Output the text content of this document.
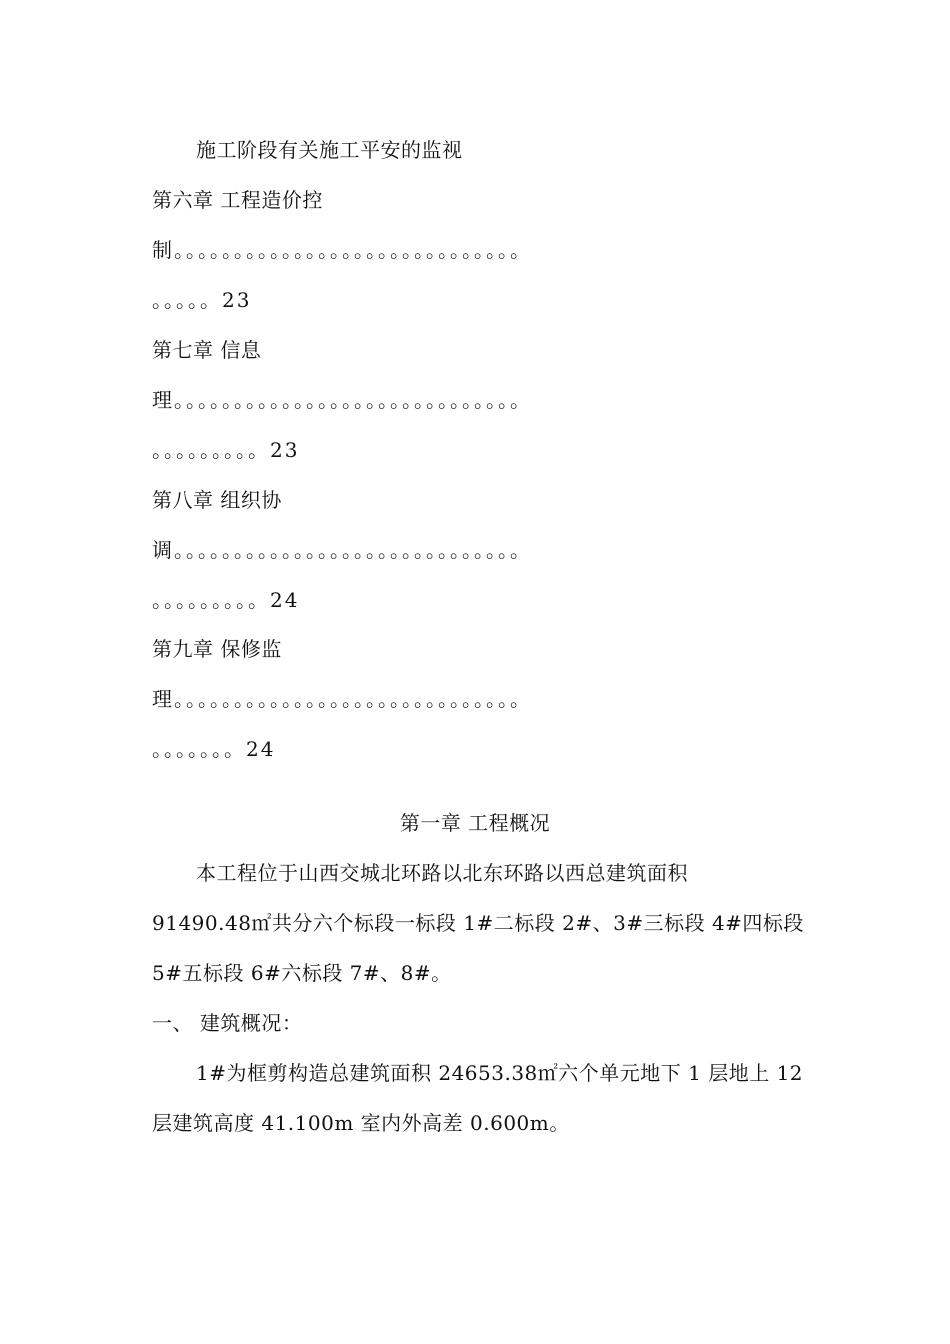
施工阶段有关施工平安的监视
第六章 工程造价控
制。。。。。。。。。。。。。。。。。。。。。。。。。。。。。
。。。。。23
第七章 信息
理。。。。。。。。。。。。。。。。。。。。。。。。。。。。。
。。。。。。。。。23
第八章 组织协
调。。。。。。。。。。。。。。。。。。。。。。。。。。。。。
。。。。。。。。。24
第九章 保修监
理。。。。。。。。。。。。。。。。。。。。。。。。。。。。。
。。。。。。。24
第一章 工程概况
本工程位于山西交城北环路以北东环路以西总建筑面积
91490.48㎡共分六个标段一标段 1#二标段 2#、3#三标段 4#四标段
5#五标段 6#六标段 7#、8#。
一、 建筑概况：
1#为框剪构造总建筑面积 24653.38㎡六个单元地下 1 层地上 12
层建筑高度 41.100m 室内外高差 0.600m。
